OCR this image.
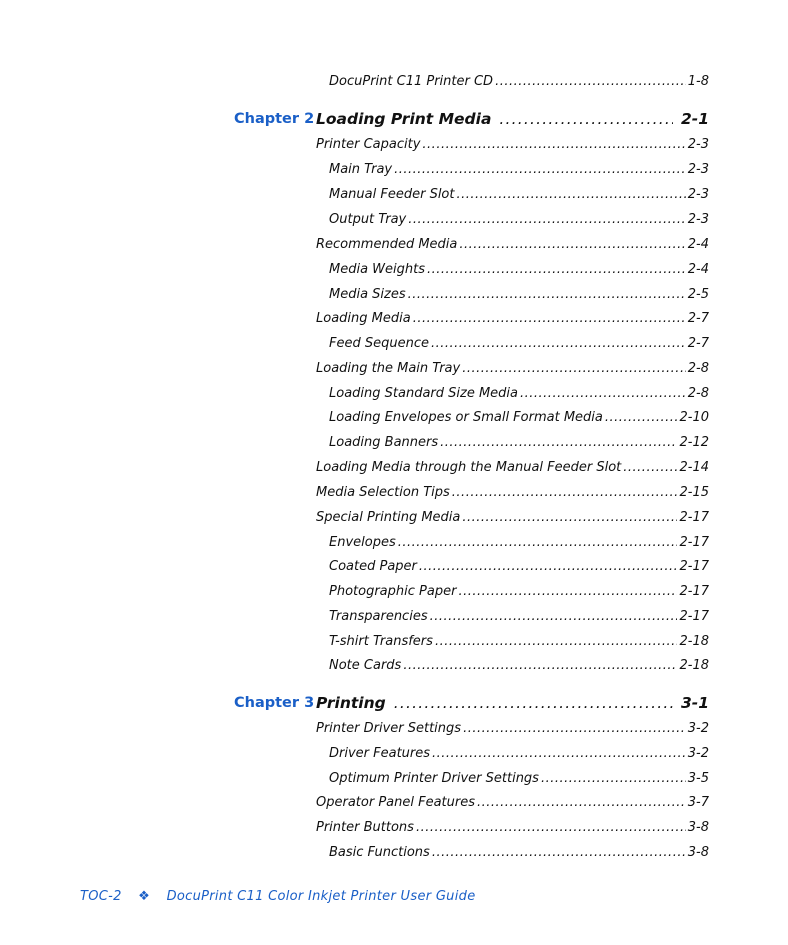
DocuPrint C11 Printer CD .....	1-8
Chapter 2 Loading Print Media .....	2-1
Printer Capacity .....	2-3
Main Tray .....	2-3
Manual Feeder Slot .....	2-3
Output Tray .....	2-3
Recommended Media .....	2-4
Media Weights .....	2-4
Media Sizes .....	2-5
Loading Media .....	2-7
Feed Sequence .....	2-7
Loading the Main Tray .....	2-8
Loading Standard Size Media .....	2-8
Loading Envelopes or Small Format Media .....	2-10
Loading Banners .....	2-12
Loading Media through the Manual Feeder Slot .....	2-14
Media Selection Tips .....	2-15
Special Printing Media .....	2-17
Envelopes .....	2-17
Coated Paper .....	2-17
Photographic Paper .....	2-17
Transparencies .....	2-17
T-shirt Transfers .....	2-18
Note Cards .....	2-18
Chapter 3 Printing .....	3-1
Printer Driver Settings .....	3-2
Driver Features .....	3-2
Optimum Printer Driver Settings .....	3-5
Operator Panel Features .....	3-7
Printer Buttons .....	3-8
Basic Functions .....	3-8
TOC-2 ❖ DocuPrint C11 Color Inkjet Printer User Guide
